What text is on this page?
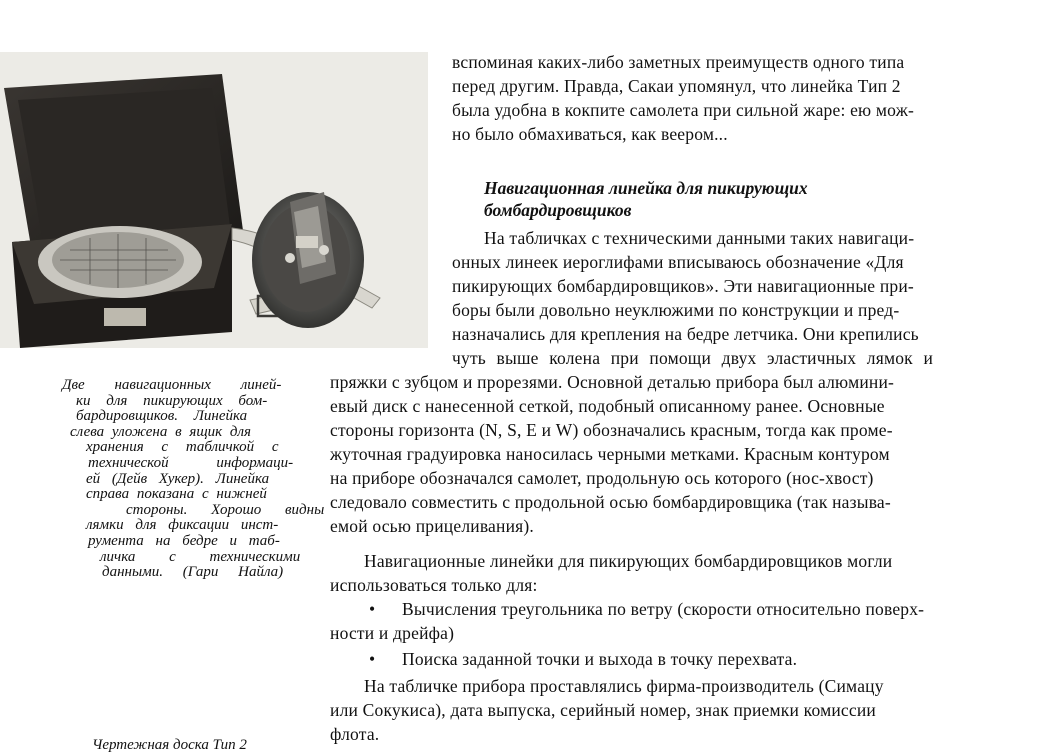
Две навигационных линей-
ки для пикирующих бом-
бардировщиков. Линейка
слева уложена в ящик для
хранения с табличкой с
технической информаци-
ей (Дейв Хукер). Линейка
справа показана с нижней
стороны. Хорошо видны
лямки для фиксации инст-
румента на бедре и таб-
личка с техническими
данными. (Гари Найла)
вспоминая каких-либо заметных преимуществ одного типа
перед другим. Правда, Сакаи упомянул, что линейка Тип 2
была удобна в кокпите самолета при сильной жаре: ею мож-
но было обмахиваться, как веером...
Навигационная линейка для пикирующих
бомбардировщиков
На табличках с техническими данными таких навигаци-
онных линеек иероглифами вписываюсь обозначение «Для
пикирующих бомбардировщиков». Эти навигационные при-
боры были довольно неуклюжими по конструкции и пред-
назначались для крепления на бедре летчика. Они крепились
чуть выше колена при помощи двух эластичных лямок и
пряжки с зубцом и прорезями. Основной деталью прибора был алюмини-
евый диск с нанесенной сеткой, подобный описанному ранее. Основные
стороны горизонта (N, S, E и W) обозначались красным, тогда как проме-
жуточная градуировка наносилась черными метками. Красным контуром
на приборе обозначался самолет, продольную ось которого (нос-хвост)
следовало совместить с продольной осью бомбардировщика (так называ-
емой осью прицеливания).
Навигационные линейки для пикирующих бомбардировщиков могли
использоваться только для:
• Вычисления треугольника по ветру (скорости относительно поверх-
ности и дрейфа)
• Поиска заданной точки и выхода в точку перехвата.
На табличке прибора проставлялись фирма-производитель (Симацу
или Сокукиса), дата выпуска, серийный номер, знак приемки комиссии
флота.
Чертежная доска Тип 2
